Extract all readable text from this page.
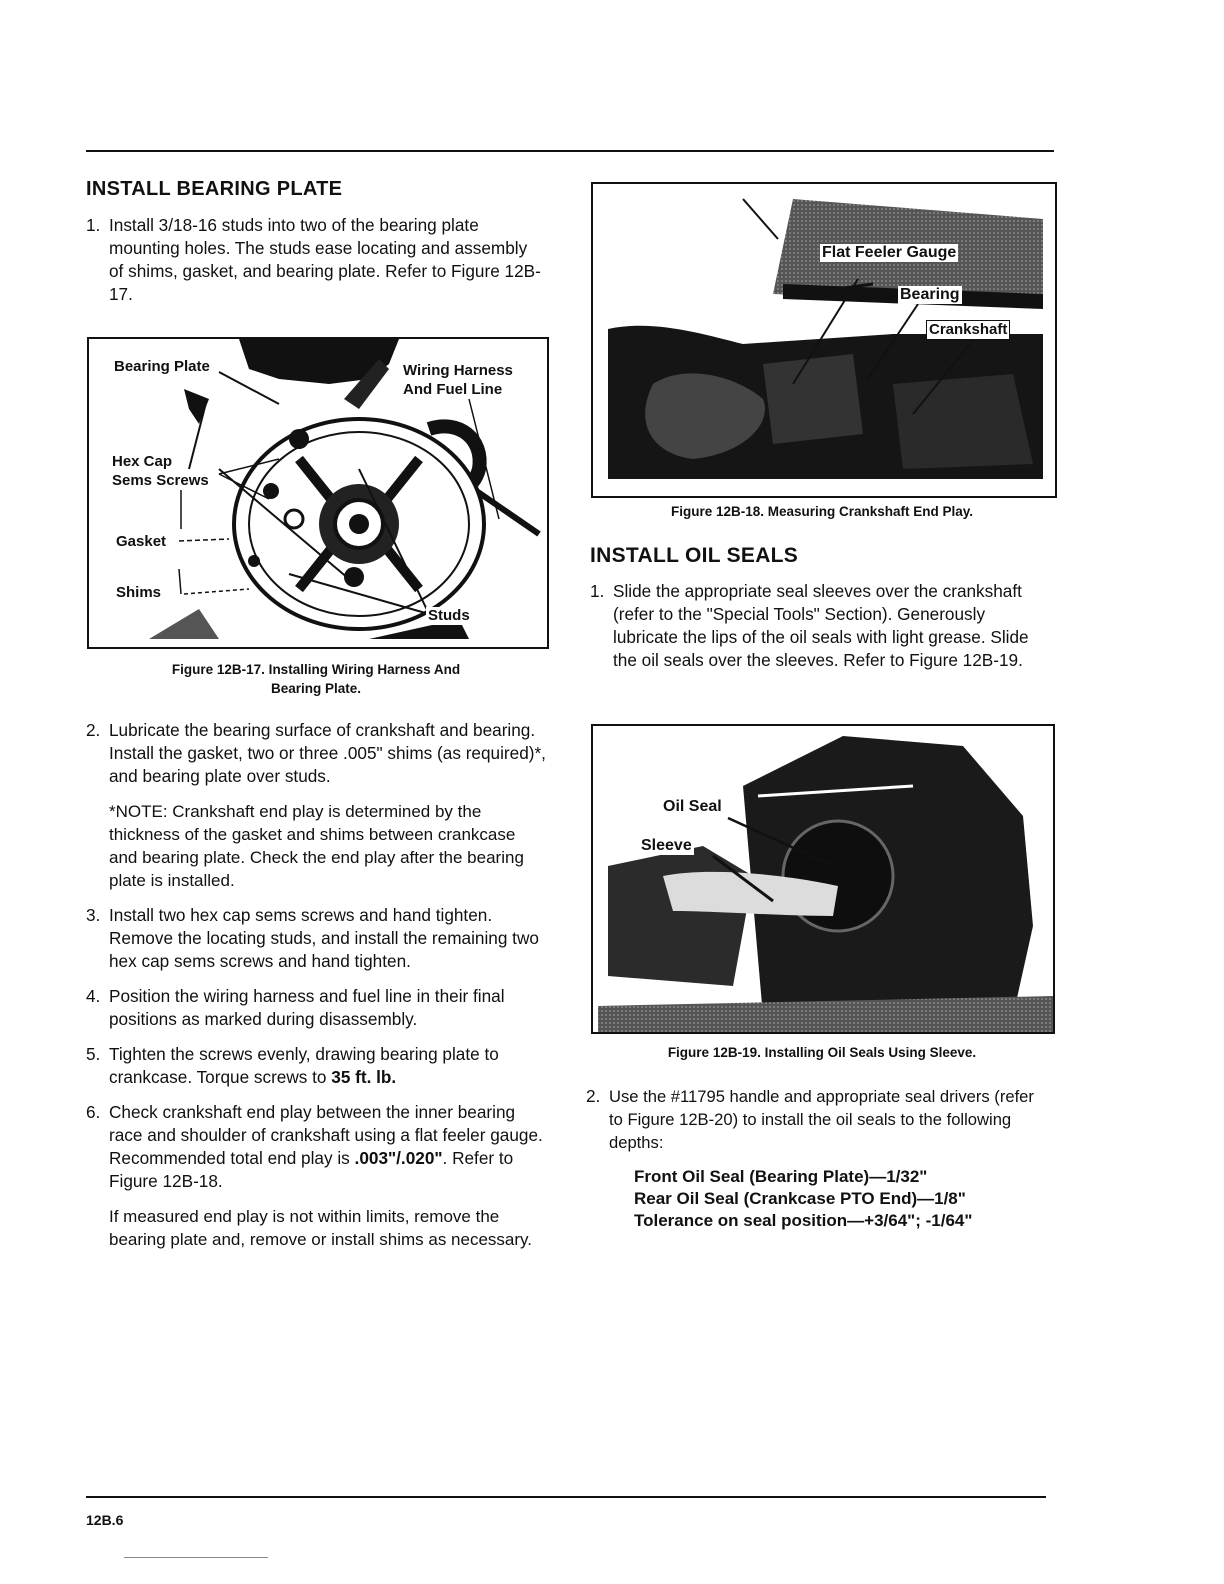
INSTALL BEARING PLATE
1. Install 3/18-16 studs into two of the bearing plate mounting holes. The studs ease locating and assembly of shims, gasket, and bearing plate. Refer to Figure 12B-17.
Bearing Plate	Wiring Harness
And Fuel Line
Hex Cap
Sems Screws
Gasket
Shims
Studs
Figure 12B-17. Installing Wiring Harness And
Bearing Plate.
2. Lubricate the bearing surface of crankshaft and bearing. Install the gasket, two or three .005" shims (as required)*, and bearing plate over studs.
*NOTE: Crankshaft end play is determined by the thickness of the gasket and shims between crankcase and bearing plate. Check the end play after the bearing plate is installed.
3. Install two hex cap sems screws and hand tighten. Remove the locating studs, and install the remaining two hex cap sems screws and hand tighten.
4. Position the wiring harness and fuel line in their final positions as marked during disassembly.
5. Tighten the screws evenly, drawing bearing plate to crankcase. Torque screws to 35 ft. lb.
6. Check crankshaft end play between the inner bearing race and shoulder of crankshaft using a flat feeler gauge. Recommended total end play is .003"/.020". Refer to Figure 12B-18.
If measured end play is not within limits, remove the bearing plate and, remove or install shims as necessary.
Flat Feeler Gauge
Bearing
Crankshaft
Figure 12B-18. Measuring Crankshaft End Play.
INSTALL OIL SEALS
1. Slide the appropriate seal sleeves over the crankshaft (refer to the "Special Tools" Section). Generously lubricate the lips of the oil seals with light grease. Slide the oil seals over the sleeves. Refer to Figure 12B-19.
Oil Seal
Sleeve
Figure 12B-19. Installing Oil Seals Using Sleeve.
2. Use the #11795 handle and appropriate seal drivers (refer to Figure 12B-20) to install the oil seals to the following depths:
Front Oil Seal (Bearing Plate)—1/32"
Rear Oil Seal (Crankcase PTO End)—1/8"
Tolerance on seal position—+3/64"; -1/64"
12B.6
